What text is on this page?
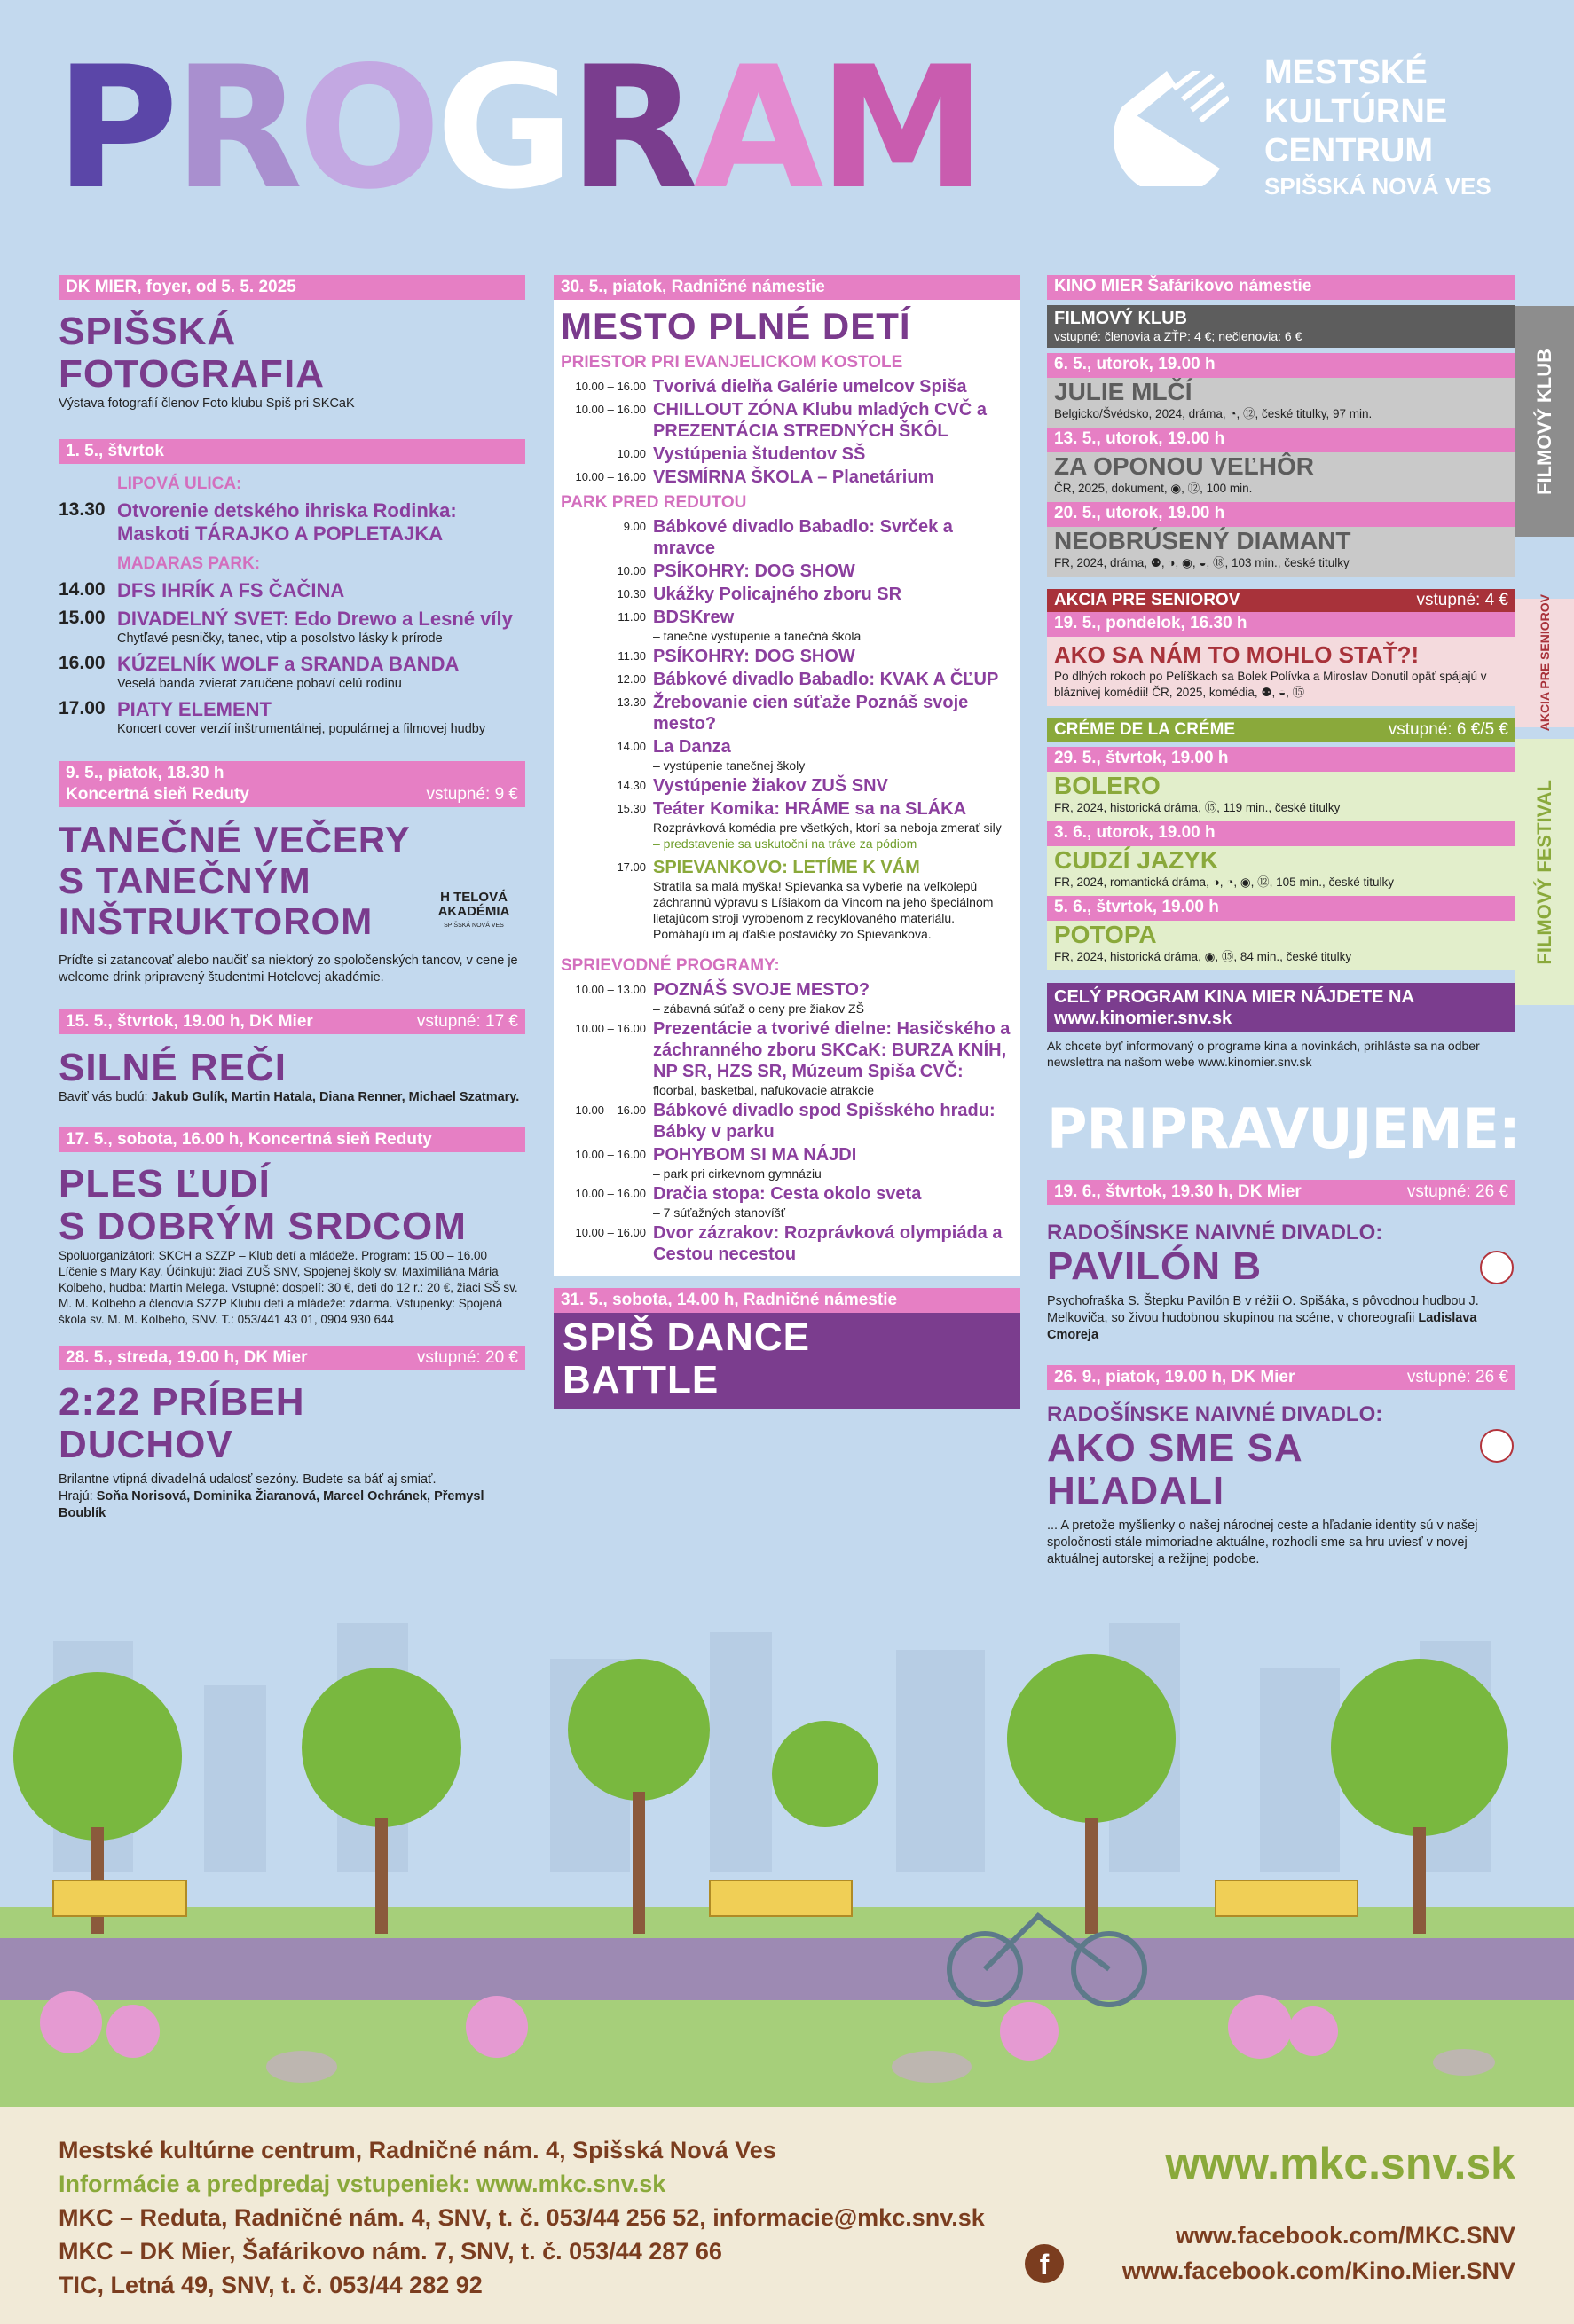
PROGRAM	MESTSKÉ
KULTÚRNE
CENTRUM
SPIŠSKÁ NOVÁ VES
DK MIER, foyer, od 5. 5. 2025
SPIŠSKÁ
FOTOGRAFIA
Výstava fotografií členov Foto klubu Spiš pri SKCaK
1. 5., štvrtok
LIPOVÁ ULICA:
13.30 Otvorenie detského ihriska Rodinka: Maskoti TÁRAJKO A POPLETAJKA
MADARAS PARK:
14.00 DFS IHRÍK A FS ČAČINA
15.00 DIVADELNÝ SVET: Edo Drewo a Lesné víly
Chytľavé pesničky, tanec, vtip a posolstvo lásky k prírode
16.00 KÚZELNÍK WOLF a SRANDA BANDA
Veselá banda zvierat zaručene pobaví celú rodinu
17.00 PIATY ELEMENT
Koncert cover verzií inštrumentálnej, populárnej a filmovej hudby
9. 5., piatok, 18.30 h
Koncertná sieň Reduty	vstupné: 9 €
TANEČNÉ VEČERY
S TANEČNÝM
INŠTRUKTOROM
H TELOVÁ
AKADÉMIA
SPIŠSKÁ NOVÁ VES
Príďte si zatancovať alebo naučiť sa niektorý zo spoločenských tancov, v cene je welcome drink pripravený študentmi Hotelovej akadémie.
15. 5., štvrtok, 19.00 h, DK Mier	vstupné: 17 €
SILNÉ REČI
Baviť vás budú: Jakub Gulík, Martin Hatala, Diana Renner, Michael Szatmary.
17. 5., sobota, 16.00 h, Koncertná sieň Reduty
PLES ĽUDÍ
S DOBRÝM SRDCOM
Spoluorganizátori: SKCH a SZZP – Klub detí a mládeže. Program: 15.00 – 16.00 Líčenie s Mary Kay. Účinkujú: žiaci ZUŠ SNV, Spojenej školy sv. Maximiliána Máriа Kolbeho, hudba: Martin Melega. Vstupné: dospelí: 30 €, deti do 12 r.: 20 €, žiaci SŠ sv. M. M. Kolbeho a členovia SZZP Klubu detí a mládeže: zdarma. Vstupenky: Spojená škola sv. M. M. Kolbeho, SNV. T.: 053/441 43 01, 0904 930 644
28. 5., streda, 19.00 h, DK Mier	vstupné: 20 €
2:22 PRÍBEH
DUCHOV
Brilantne vtipná divadelná udalosť sezóny. Budete sa báť aj smiať.
Hrajú: Soňa Norisová, Dominika Žiaranová, Marcel Ochránek, Přemysl Boublík
30. 5., piatok, Radničné námestie
MESTO PLNÉ DETÍ
PRIESTOR PRI EVANJELICKOM KOSTOLE
10.00 – 16.00 Tvorivá dielňa Galérie umelcov Spiša
10.00 – 16.00 CHILLOUT ZÓNA Klubu mladých CVČ a PREZENTÁCIA STREDNÝCH ŠKÔL
10.00 Vystúpenia študentov SŠ
10.00 – 16.00 VESMÍRNA ŠKOLA – Planetárium
PARK PRED REDUTOU
9.00 Bábkové divadlo Babadlo: Svrček a mravce
10.00 PSÍKOHRY: DOG SHOW
10.30 Ukážky Policajného zboru SR
11.00 BDSKrew
– tanečné vystúpenie a tanečná škola
11.30 PSÍKOHRY: DOG SHOW
12.00 Bábkové divadlo Babadlo: KVAK A ČĽUP
13.30 Žrebovanie cien súťaže Poznáš svoje mesto?
14.00 La Danza
– vystúpenie tanečnej školy
14.30 Vystúpenie žiakov ZUŠ SNV
15.30 Teáter Komika: HRÁME sa na SLÁKA
Rozprávková komédia pre všetkých, ktorí sa neboja zmerať sily
– predstavenie sa uskutoční na tráve za pódiom
17.00 SPIEVANKOVO: LETÍME K VÁM
Stratila sa malá myška! Spievanka sa vyberie na veľkolepú záchrannú výpravu s Líšiakom da Vincom na jeho špeciálnom lietajúcom stroji vyrobenom z recyklovaného materiálu. Pomáhajú im aj ďalšie postavičky zo Spievankova.
SPRIEVODNÉ PROGRAMY:
10.00 – 13.00 POZNÁŠ SVOJE MESTO?
– zábavná súťaž o ceny pre žiakov ZŠ
10.00 – 16.00 Prezentácie a tvorivé dielne: Hasičského a záchranného zboru SKCaK: BURZA KNÍH, NP SR, HZS SR, Múzeum Spiša CVČ:
floorbal, basketbal, nafukovacie atrakcie
10.00 – 16.00 Bábkové divadlo spod Spišského hradu: Bábky v parku
10.00 – 16.00 POHYBOM SI MA NÁJDI
– park pri cirkevnom gymnáziu
10.00 – 16.00 Dračia stopa: Cesta okolo sveta
– 7 súťažných stanovíšť
10.00 – 16.00 Dvor zázrakov: Rozprávková olympiáda a Cestou necestou
31. 5., sobota, 14.00 h, Radničné námestie
SPIŠ DANCE
BATTLE
KINO MIER Šafárikovo námestie
FILMOVÝ KLUB
vstupné: členovia a ZŤP: 4 €; nečlenovia: 6 €
6. 5., utorok, 19.00 h
JULIE MLČÍ
Belgicko/Švédsko, 2024, dráma, ◔, ⑫, české titulky, 97 min.
13. 5., utorok, 19.00 h
ZA OPONOU VEĽHÔR
ČR, 2025, dokument, ◉, ⑫, 100 min.
20. 5., utorok, 19.00 h
NEOBRÚSENÝ DIAMANT
FR, 2024, dráma, ⚉, ◑, ◉, ◒, ⑱, 103 min., české titulky
AKCIA PRE SENIOROV	vstupné: 4 €
19. 5., pondelok, 16.30 h
AKO SA NÁM TO MOHLO STAŤ?!
Po dlhých rokoch po Pelíškach sa Bolek Polívka a Miroslav Donutil opäť spájajú v bláznivej komédii! ČR, 2025, komédia, ⚉, ◒, ⑮
CRÉME DE LA CRÉME	vstupné: 6 €/5 €
29. 5., štvrtok, 19.00 h
BOLERO
FR, 2024, historická dráma, ⑮, 119 min., české titulky
3. 6., utorok, 19.00 h
CUDZÍ JAZYK
FR, 2024, romantická dráma, ◑, ◔, ◉, ⑫, 105 min., české titulky
5. 6., štvrtok, 19.00 h
POTOPA
FR, 2024, historická dráma, ◉, ⑮, 84 min., české titulky
CELÝ PROGRAM KINA MIER NÁJDETE NA
www.kinomier.snv.sk
Ak chcete byť informovaný o programe kina a novinkách, prihláste sa na odber newslettra na našom webe www.kinomier.snv.sk
PRIPRAVUJEME:
19. 6., štvrtok, 19.30 h, DK Mier	vstupné: 26 €
RADOŠÍNSKE NAIVNÉ DIVADLO:
PAVILÓN B
Psychofraška S. Štepku Pavilón B v réžii O. Spišáka, s pôvodnou hudbou J. Melkoviča, so živou hudobnou skupinou na scéne, v choreografii Ladislava Cmoreja
26. 9., piatok, 19.00 h, DK Mier	vstupné: 26 €
RADOŠÍNSKE NAIVNÉ DIVADLO:
AKO SME SA
HĽADALI
... A pretože myšlienky o našej národnej ceste a hľadanie identity sú v našej spoločnosti stále mimoriadne aktuálne, rozhodli sme sa hru uviesť v novej aktuálnej autorskej a režijnej podobe.
FILMOVÝ KLUB
AKCIA PRE SENIOROV
FILMOVÝ FESTIVAL
Mestské kultúrne centrum, Radničné nám. 4, Spišská Nová Ves
Informácie a predpredaj vstupeniek: www.mkc.snv.sk
MKC – Reduta, Radničné nám. 4, SNV, t. č. 053/44 256 52, informacie@mkc.snv.sk
MKC – DK Mier, Šafárikovo nám. 7, SNV, t. č. 053/44 287 66
TIC, Letná 49, SNV, t. č. 053/44 282 92
www.mkc.snv.sk
f
www.facebook.com/MKC.SNV
www.facebook.com/Kino.Mier.SNV
